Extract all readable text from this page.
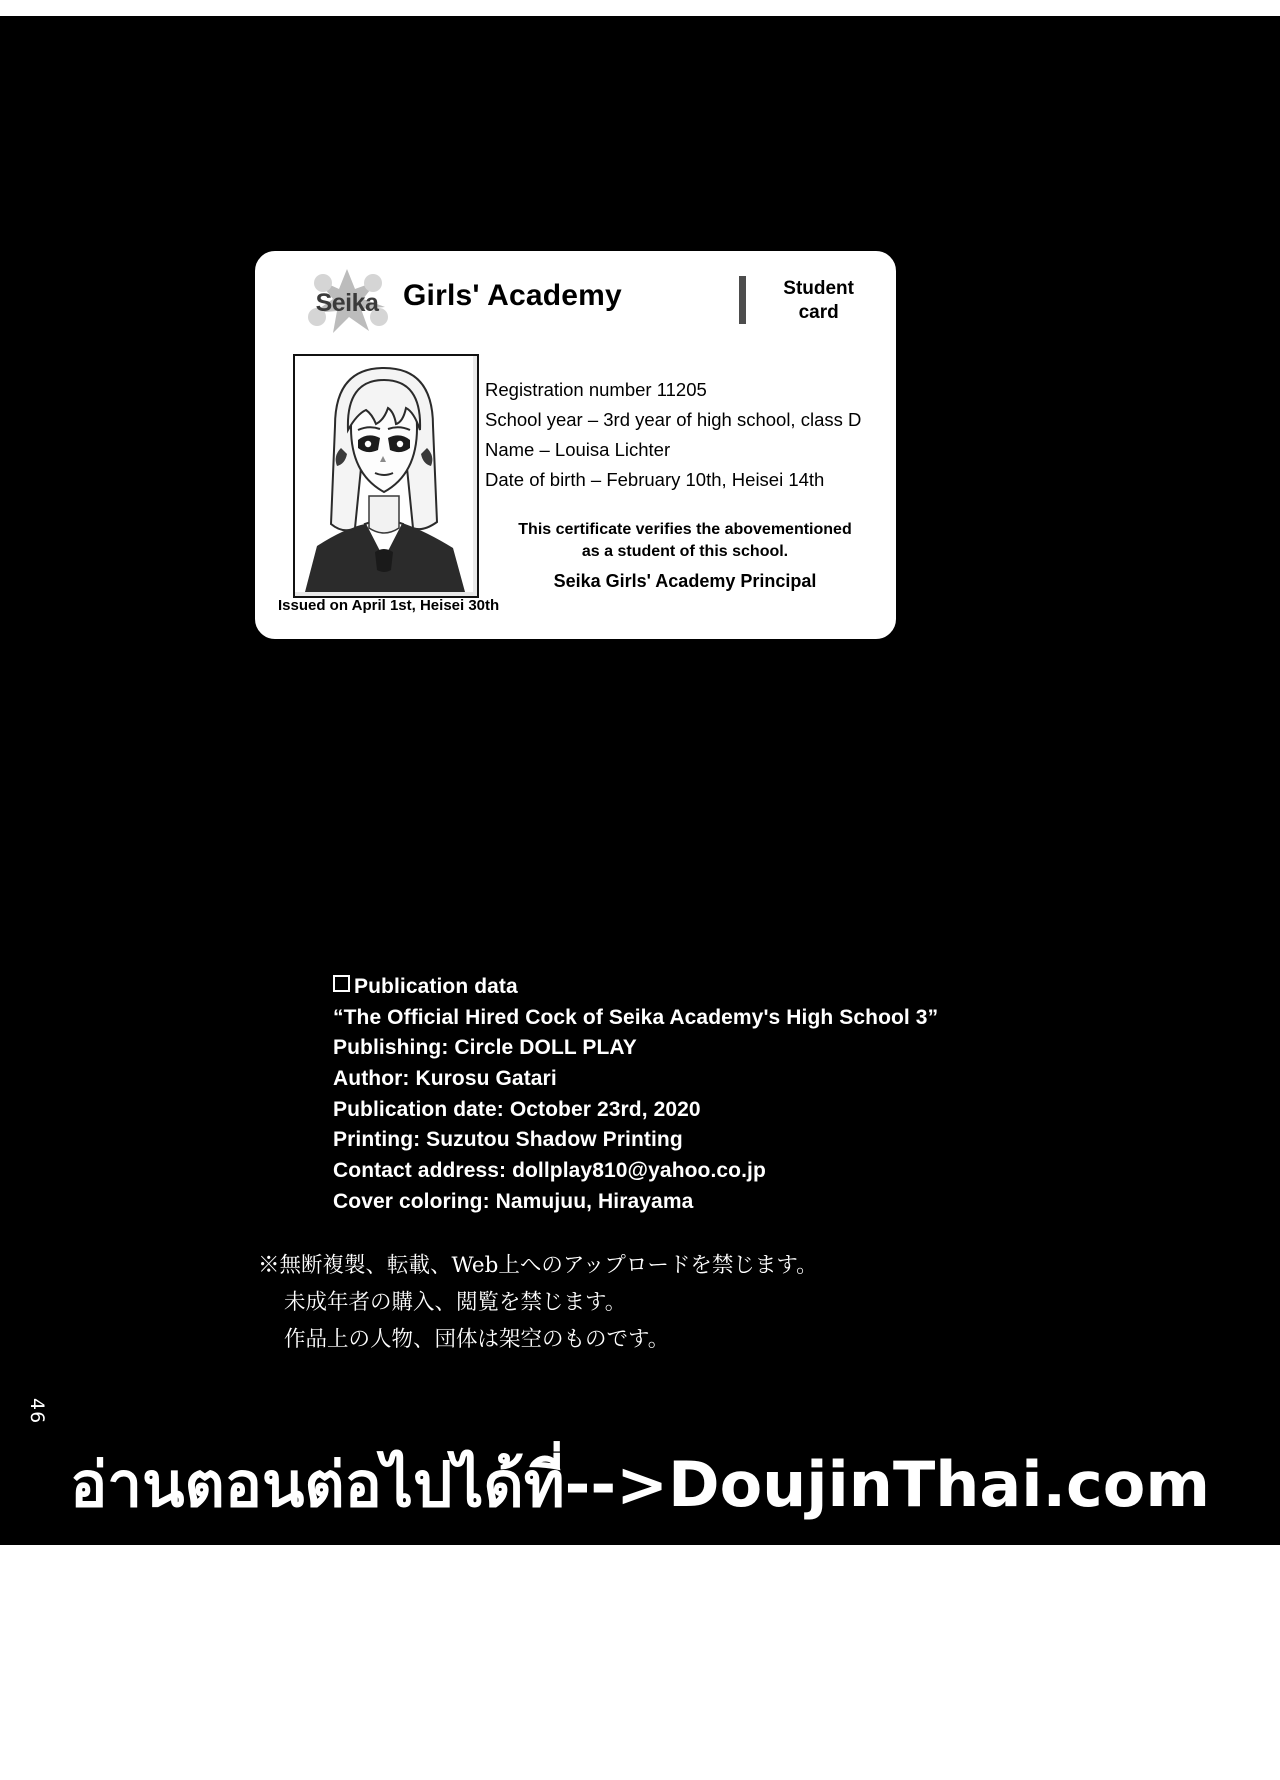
Seika Girls' Academy	Student
card
Issued on April 1st, Heisei 30th
Registration number 11205
School year – 3rd year of high school, class D
Name – Louisa Lichter
Date of birth – February 10th, Heisei 14th
This certificate verifies the abovementioned
as a student of this school.
Seika Girls' Academy Principal
Publication data
“The Official Hired Cock of Seika Academy's High School 3”
Publishing: Circle DOLL PLAY
Author: Kurosu Gatari
Publication date: October 23rd, 2020
Printing: Suzutou Shadow Printing
Contact address: dollplay810@yahoo.co.jp
Cover coloring: Namujuu, Hirayama
※無断複製、転載、Web上へのアップロードを禁じます。
未成年者の購入、閲覧を禁じます。
作品上の人物、団体は架空のものです。
46
อ่านตอนต่อไปได้ที่-->DoujinThai.com
